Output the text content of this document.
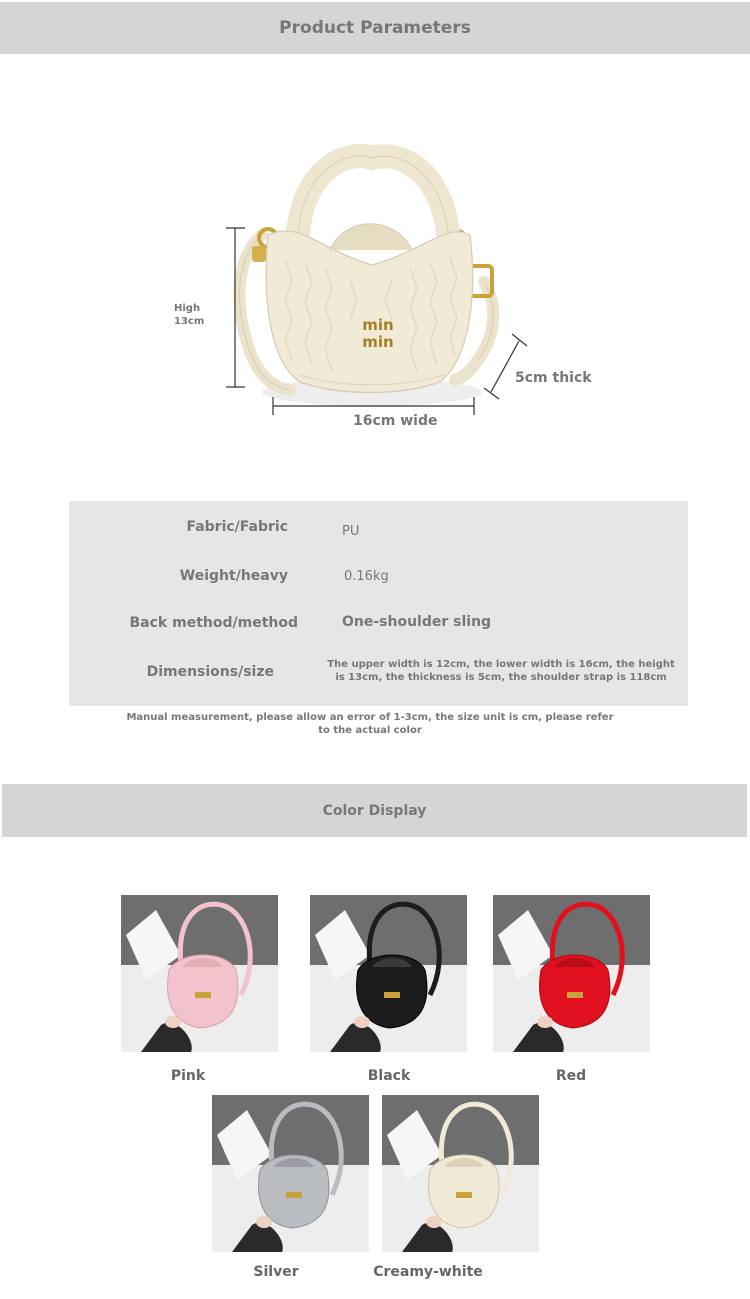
Product Parameters
min
min
High
13cm
16cm wide
5cm thick
Fabric/Fabric	PU
Weight/heavy	0.16kg
Back method/method	One-shoulder sling
Dimensions/size	The upper width is 12cm, the lower width is 16cm, the height is 13cm, the thickness is 5cm, the shoulder strap is 118cm
Manual measurement, please allow an error of 1-3cm, the size unit is cm, please refer to the actual color
Color Display
Pink	Black	Red
Silver	Creamy-white
